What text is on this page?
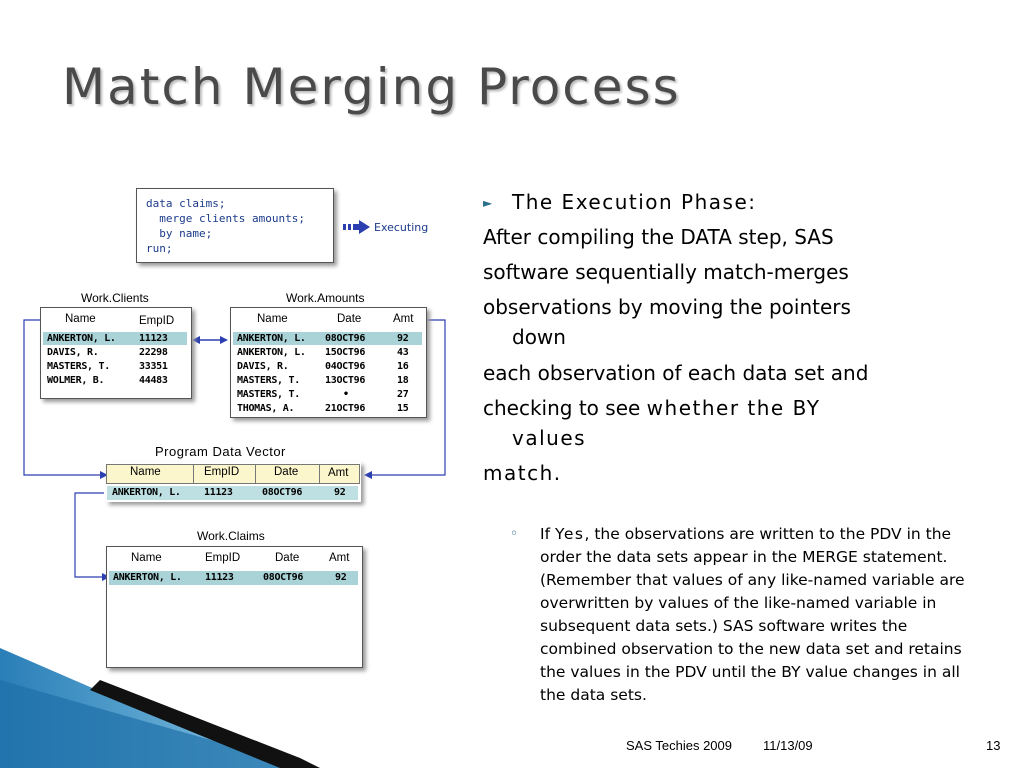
Match Merging Process
data claims;
merge clients amounts;
by name;
run;
Executing
Work.Clients
Name	EmpID
ANKERTON, L. 11123
DAVIS, R.	22298
MASTERS, T.	33351
WOLMER, B.	44483
Work.Amounts
Name	Date	Amt
ANKERTON, L. 08OCT96	92
ANKERTON, L. 15OCT96	43
DAVIS, R.	04OCT96	16
MASTERS, T.	13OCT96	18
MASTERS, T.	•	27
THOMAS, A.	21OCT96	15
Program Data Vector
Name	EmpID	Date	Amt
ANKERTON, L. 11123	08OCT96	92
Work.Claims
Name	EmpID	Date	Amt
ANKERTON, L. 11123	08OCT96	92
► The Execution Phase:
After compiling the DATA step, SAS
software sequentially match-merges
observations by moving the pointers
down
each observation of each data set and
checking to see whether the BY
values
match.
◦ If Yes, the observations are written to the PDV in the order the data sets appear in the MERGE statement. (Remember that values of any like-named variable are overwritten by values of the like-named variable in subsequent data sets.) SAS software writes the combined observation to the new data set and retains the values in the PDV until the BY value changes in all the data sets.
SAS Techies 2009 11/13/09	13
